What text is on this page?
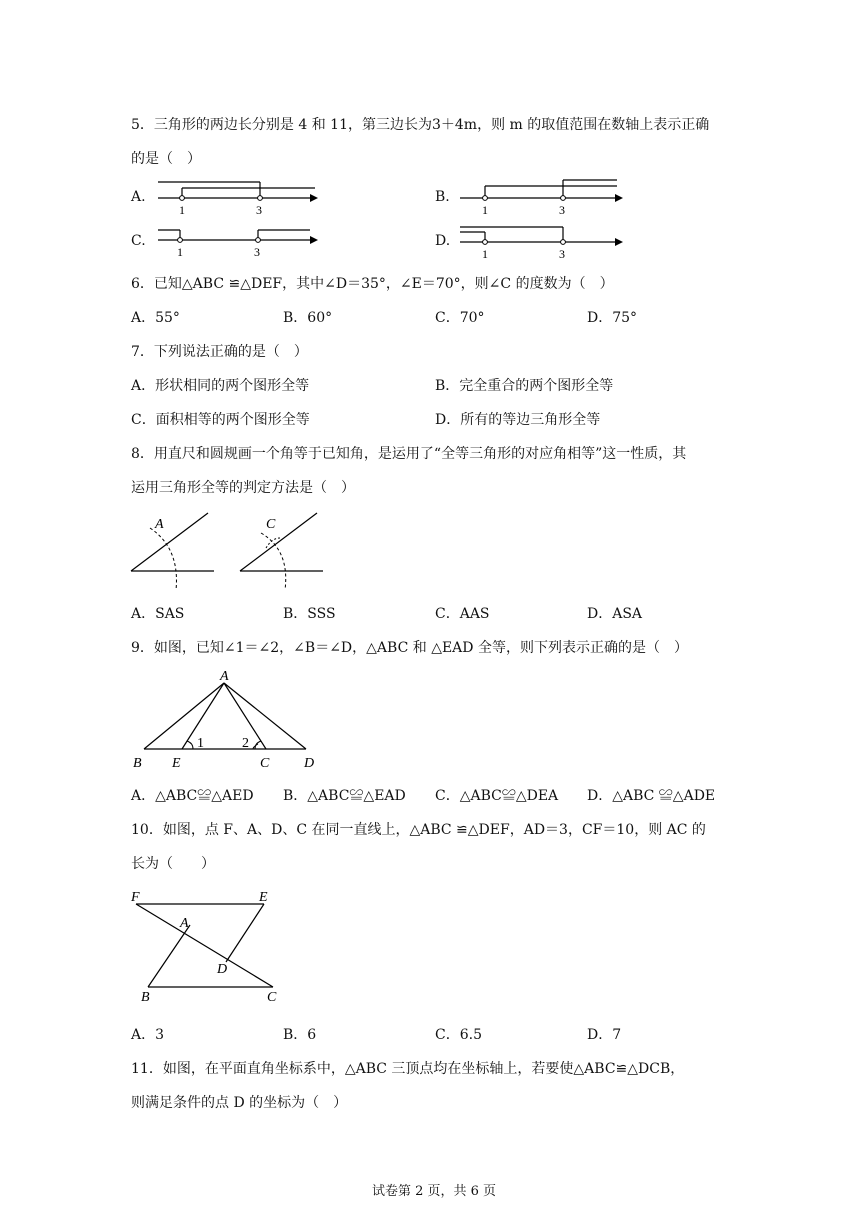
5．三角形的两边长分别是 4 和 11，第三边长为3＋4m，则 m 的取值范围在数轴上表示正确
的是（　）
A.
1	3
B.
1	3
C.
1	3
D.
1	3
6．已知△ABC ≌△DEF，其中∠D＝35°，∠E＝70°，则∠C 的度数为（　）
A．55°	B．60°	C．70°	D．75°
7．下列说法正确的是（　）
A．形状相同的两个图形全等	B．完全重合的两个图形全等
C．面积相等的两个图形全等	D．所有的等边三角形全等
8．用直尺和圆规画一个角等于已知角，是运用了“全等三角形的对应角相等”这一性质，其
运用三角形全等的判定方法是（　）
A	C
A．SAS	B．SSS	C．AAS	D．ASA
9．如图，已知∠1＝∠2，∠B＝∠D，△ABC 和 △EAD 全等，则下列表示正确的是（　）
A
B E	C D
1	2
A．△ABC≌△AED B．△ABC≌△EAD C．△ABC≌△DEA D．△ABC ≌△ADE
10．如图，点 F、A、D、C 在同一直线上，△ABC ≌△DEF，AD＝3，CF＝10，则 AC 的
长为（　　）
F	E
A
D
B	C
A．3	B．6	C．6.5	D．7
11．如图，在平面直角坐标系中，△ABC 三顶点均在坐标轴上，若要使△ABC≌△DCB，
则满足条件的点 D 的坐标为（　）
试卷第 2 页，共 6 页
